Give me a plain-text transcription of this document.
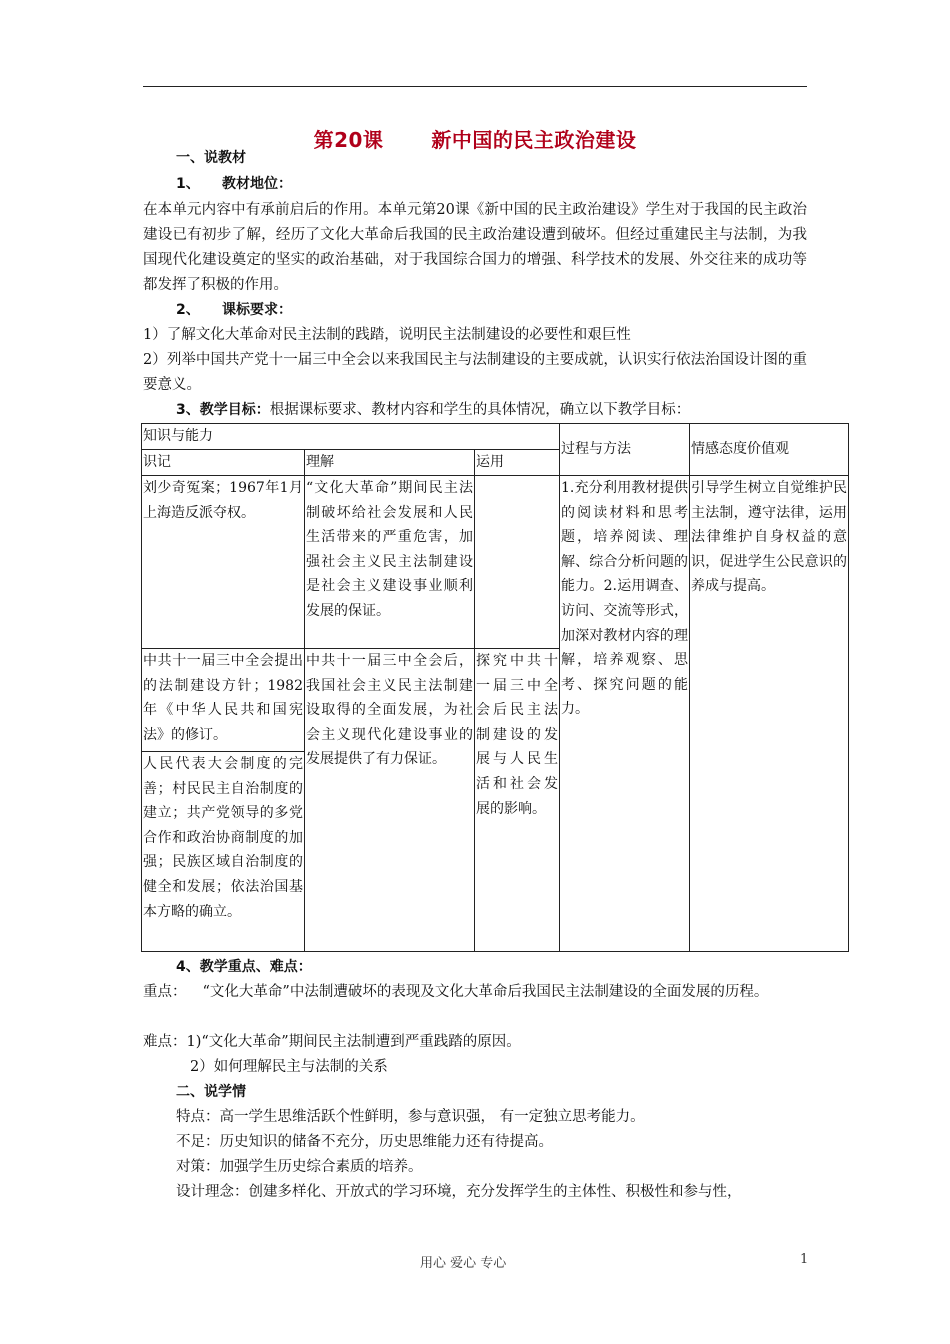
第20课 新中国的民主政治建设
一、说教材
1、 教材地位：
在本单元内容中有承前启后的作用。本单元第20课《新中国的民主政治建设》学生对于我国的民主政治建设已有初步了解，经历了文化大革命后我国的民主政治建设遭到破坏。但经过重建民主与法制，为我国现代化建设奠定的坚实的政治基础，对于我国综合国力的增强、科学技术的发展、外交往来的成功等都发挥了积极的作用。
2、 课标要求：
1）了解文化大革命对民主法制的践踏，说明民主法制建设的必要性和艰巨性
2）列举中国共产党十一届三中全会以来我国民主与法制建设的主要成就，认识实行依法治国设计图的重要意义。
3、教学目标：根据课标要求、教材内容和学生的具体情况，确立以下教学目标：
知识与能力			过程与方法	情感态度价值观
识记	理解	运用		
刘少奇冤案；1967年1月上海造反派夺权。	“文化大革命”期间民主法制破坏给社会发展和人民生活带来的严重危害，加强社会主义民主法制建设是社会主义建设事业顺利发展的保证。		1.充分利用教材提供的阅读材料和思考题，培养阅读、理解、综合分析问题的能力。2.运用调查、访问、交流等形式，加深对教材内容的理解，培养观察、思考、探究问题的能力。	引导学生树立自觉维护民主法制，遵守法律，运用法律维护自身权益的意识，促进学生公民意识的养成与提高。
中共十一届三中全会提出的法制建设方针；1982年《中华人民共和国宪法》的修订。	中共十一届三中全会后，我国社会主义民主法制建设取得的全面发展，为社会主义现代化建设事业的发展提供了有力保证。	探究中共十一届三中全会后民主法制建设的发展与人民生活和社会发展的影响。		
人民代表大会制度的完善；村民民主自治制度的建立；共产党领导的多党合作和政治协商制度的加强；民族区域自治制度的健全和发展；依法治国基本方略的确立。				
4、教学重点、难点：
重点： “文化大革命”中法制遭破坏的表现及文化大革命后我国民主法制建设的全面发展的历程。
难点：1)“文化大革命”期间民主法制遭到严重践踏的原因。
2）如何理解民主与法制的关系
二、说学情
特点：高一学生思维活跃个性鲜明，参与意识强， 有一定独立思考能力。
不足：历史知识的储备不充分，历史思维能力还有待提高。
对策：加强学生历史综合素质的培养。
设计理念：创建多样化、开放式的学习环境，充分发挥学生的主体性、积极性和参与性，
用心 爱心 专心	1
